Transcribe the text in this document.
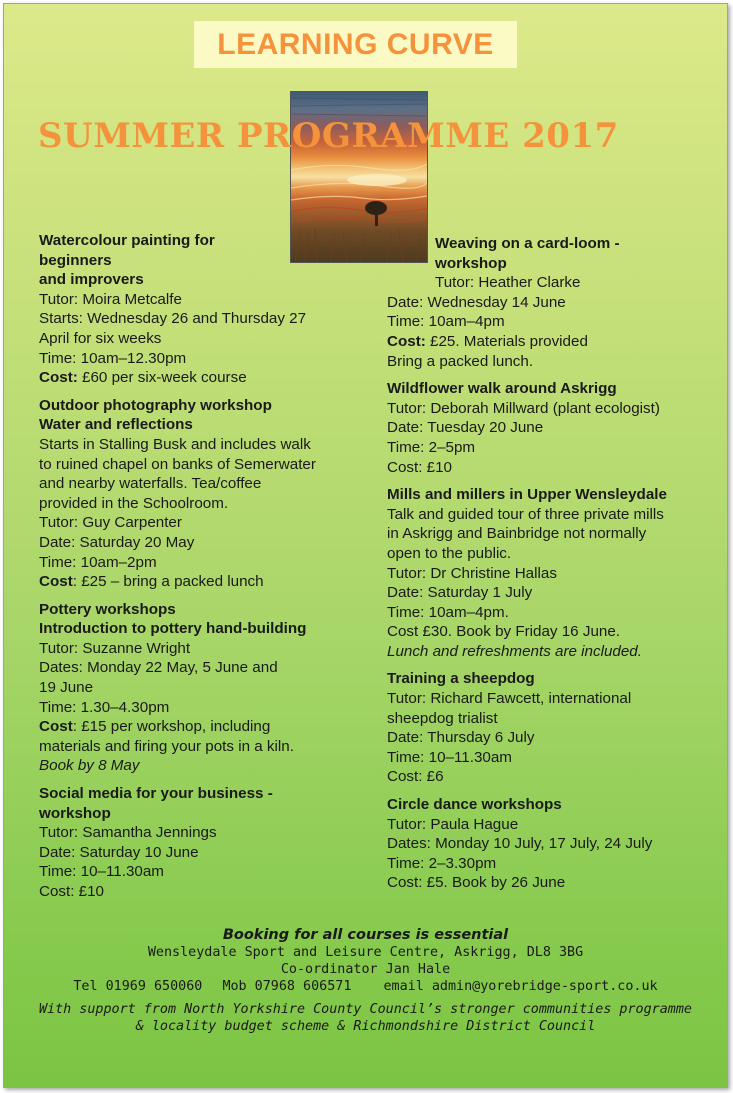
LEARNING CURVE
SUMMER PROGRAMME 2017
Watercolour painting for
beginners
and improvers
Tutor: Moira Metcalfe
Starts: Wednesday 26 and Thursday 27
April for six weeks
Time: 10am–12.30pm
Cost: £60 per six-week course
Outdoor photography workshop
Water and reflections
Starts in Stalling Busk and includes walk
to ruined chapel on banks of Semerwater
and nearby waterfalls. Tea/coffee
provided in the Schoolroom.
Tutor: Guy Carpenter
Date: Saturday 20 May
Time: 10am–2pm
Cost: £25 – bring a packed lunch
Pottery workshops
Introduction to pottery hand-building
Tutor: Suzanne Wright
Dates: Monday 22 May, 5 June and
19 June
Time: 1.30–4.30pm
Cost: £15 per workshop, including
materials and firing your pots in a kiln.
Book by 8 May
Social media for your business -
workshop
Tutor: Samantha Jennings
Date: Saturday 10 June
Time: 10–11.30am
Cost: £10
Weaving on a card-loom -
workshop
Tutor: Heather Clarke
Date: Wednesday 14 June
Time: 10am–4pm
Cost: £25. Materials provided
Bring a packed lunch.
Wildflower walk around Askrigg
Tutor: Deborah Millward (plant ecologist)
Date: Tuesday 20 June
Time: 2–5pm
Cost: £10
Mills and millers in Upper Wensleydale
Talk and guided tour of three private mills
in Askrigg and Bainbridge not normally
open to the public.
Tutor: Dr Christine Hallas
Date: Saturday 1 July
Time: 10am–4pm.
Cost £30. Book by Friday 16 June.
Lunch and refreshments are included.
Training a sheepdog
Tutor: Richard Fawcett, international
sheepdog trialist
Date: Thursday 6 July
Time: 10–11.30am
Cost: £6
Circle dance workshops
Tutor: Paula Hague
Dates: Monday 10 July, 17 July, 24 July
Time: 2–3.30pm
Cost: £5. Book by 26 June
Booking for all courses is essential
Wensleydale Sport and Leisure Centre, Askrigg, DL8 3BG
Co-ordinator Jan Hale
Tel 01969 650060 Mob 07968 606571 email admin@yorebridge-sport.co.uk
With support from North Yorkshire County Council’s stronger communities programme & locality budget scheme & Richmondshire District Council
